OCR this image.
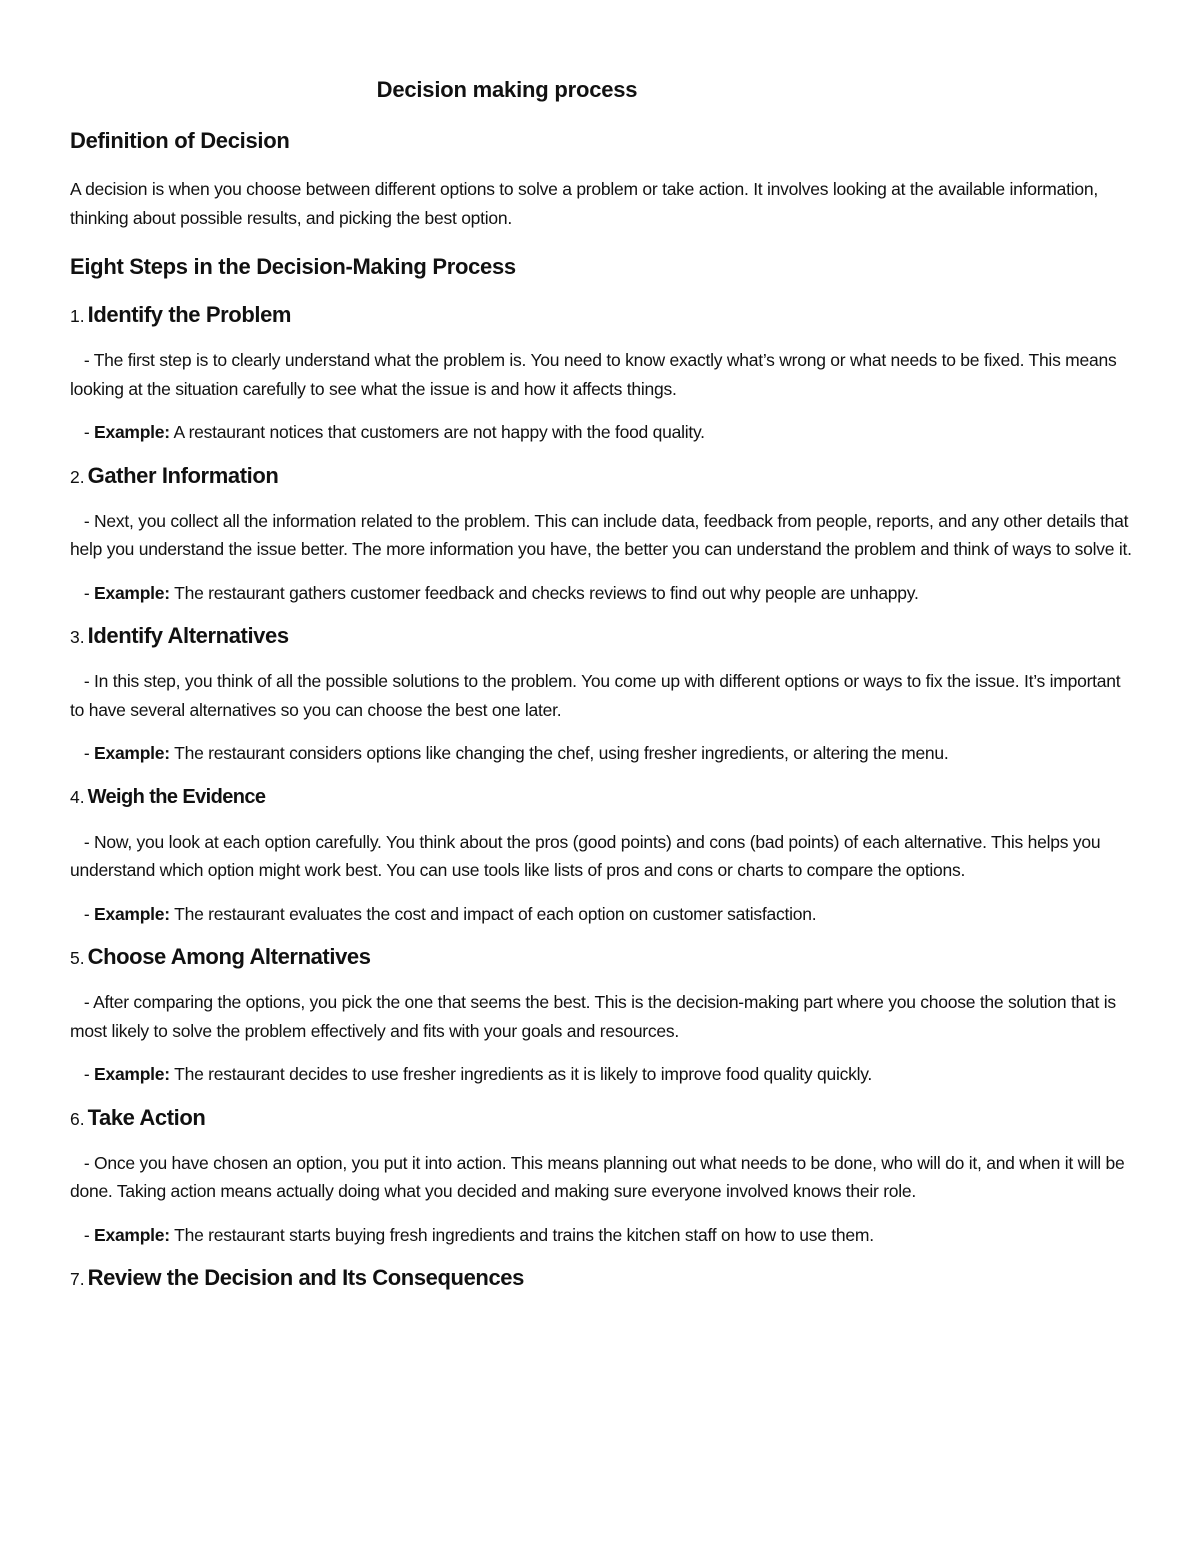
Decision making process
Definition of Decision

A decision is when you choose between different options to solve a problem or take action. It involves looking at the available information, thinking about possible results, and picking the best option.

Eight Steps in the Decision-Making Process
1. Identify the Problem

- The first step is to clearly understand what the problem is. You need to know exactly what’s wrong or what needs to be fixed. This means looking at the situation carefully to see what the issue is and how it affects things.

- Example: A restaurant notices that customers are not happy with the food quality.

2. Gather Information

- Next, you collect all the information related to the problem. This can include data, feedback from people, reports, and any other details that help you understand the issue better. The more information you have, the better you can understand the problem and think of ways to solve it.

- Example: The restaurant gathers customer feedback and checks reviews to find out why people are unhappy.

3. Identify Alternatives

- In this step, you think of all the possible solutions to the problem. You come up with different options or ways to fix the issue. It’s important to have several alternatives so you can choose the best one later.

- Example: The restaurant considers options like changing the chef, using fresher ingredients, or altering the menu.

4. Weigh the Evidence

- Now, you look at each option carefully. You think about the pros (good points) and cons (bad points) of each alternative. This helps you understand which option might work best. You can use tools like lists of pros and cons or charts to compare the options.

- Example: The restaurant evaluates the cost and impact of each option on customer satisfaction.

5. Choose Among Alternatives

- After comparing the options, you pick the one that seems the best. This is the decision-making part where you choose the solution that is most likely to solve the problem effectively and fits with your goals and resources.

- Example: The restaurant decides to use fresher ingredients as it is likely to improve food quality quickly.

6. Take Action

- Once you have chosen an option, you put it into action. This means planning out what needs to be done, who will do it, and when it will be done. Taking action means actually doing what you decided and making sure everyone involved knows their role.

- Example: The restaurant starts buying fresh ingredients and trains the kitchen staff on how to use them.

7. Review the Decision and Its Consequences
